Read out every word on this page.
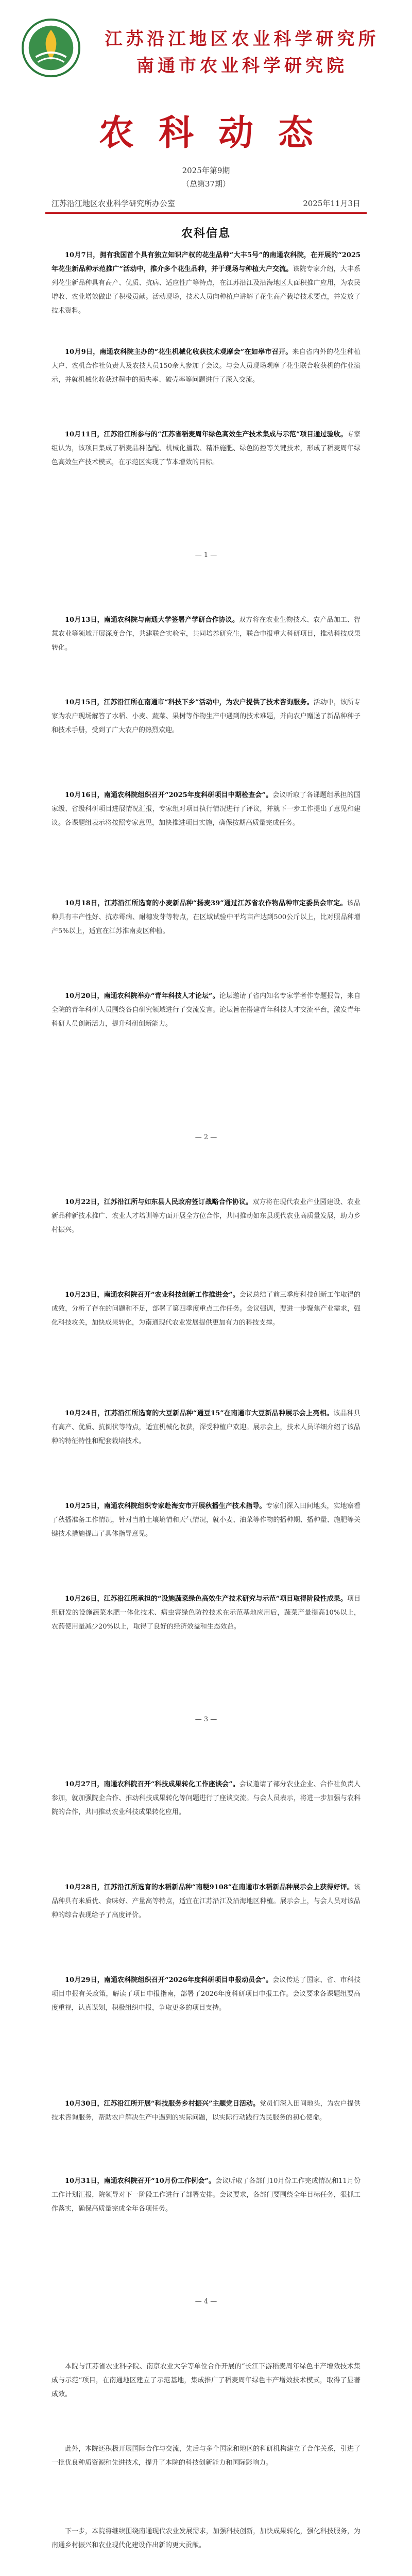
江苏沿江地区农业科学研究所
南通市农业科学研究院
农科动态
2025年第9期
（总第37期）
江苏沿江地区农业科学研究所办公室	2025年11月3日
农科信息

10月7日，拥有我国首个具有独立知识产权的花生品种“大丰5号”的南通农科院，在开展的“2025年花生新品种示范推广”活动中，推介多个花生品种，并于现场与种植大户交流。该院专家介绍，大丰系列花生新品种具有高产、优质、抗病、适应性广等特点，在江苏沿江及沿海地区大面积推广应用，为农民增收、农业增效做出了积极贡献。活动现场，技术人员向种植户讲解了花生高产栽培技术要点，并发放了技术资料。

10月9日，南通农科院主办的“花生机械化收获技术观摩会”在如皋市召开。来自省内外的花生种植大户、农机合作社负责人及农技人员150余人参加了会议。与会人员现场观摩了花生联合收获机的作业演示，并就机械化收获过程中的损失率、破壳率等问题进行了深入交流。

10月11日，江苏沿江所参与的“江苏省稻麦周年绿色高效生产技术集成与示范”项目通过验收。专家组认为，该项目集成了稻麦品种选配、机械化播栽、精准施肥、绿色防控等关键技术，形成了稻麦周年绿色高效生产技术模式，在示范区实现了节本增效的目标。

— 1 —

10月13日，南通农科院与南通大学签署产学研合作协议。双方将在农业生物技术、农产品加工、智慧农业等领域开展深度合作，共建联合实验室，共同培养研究生，联合申报重大科研项目，推动科技成果转化。

10月15日，江苏沿江所在南通市“科技下乡”活动中，为农户提供了技术咨询服务。活动中，该所专家为农户现场解答了水稻、小麦、蔬菜、果树等作物生产中遇到的技术难题，并向农户赠送了新品种种子和技术手册，受到了广大农户的热烈欢迎。

10月16日，南通农科院组织召开“2025年度科研项目中期检查会”。会议听取了各课题组承担的国家级、省级科研项目进展情况汇报，专家组对项目执行情况进行了评议，并就下一步工作提出了意见和建议。各课题组表示将按照专家意见，加快推进项目实施，确保按期高质量完成任务。

10月18日，江苏沿江所选育的小麦新品种“扬麦39”通过江苏省农作物品种审定委员会审定。该品种具有丰产性好、抗赤霉病、耐穗发芽等特点，在区域试验中平均亩产达到500公斤以上，比对照品种增产5%以上，适宜在江苏淮南麦区种植。

10月20日，南通农科院举办“青年科技人才论坛”。论坛邀请了省内知名专家学者作专题报告，来自全院的青年科研人员围绕各自研究领域进行了交流发言。论坛旨在搭建青年科技人才交流平台，激发青年科研人员创新活力，提升科研创新能力。

— 2 —

10月22日，江苏沿江所与如东县人民政府签订战略合作协议。双方将在现代农业产业园建设、农业新品种新技术推广、农业人才培训等方面开展全方位合作，共同推动如东县现代农业高质量发展，助力乡村振兴。

10月23日，南通农科院召开“农业科技创新工作推进会”。会议总结了前三季度科技创新工作取得的成效，分析了存在的问题和不足，部署了第四季度重点工作任务。会议强调，要进一步聚焦产业需求，强化科技攻关，加快成果转化，为南通现代农业发展提供更加有力的科技支撑。

10月24日，江苏沿江所选育的大豆新品种“通豆15”在南通市大豆新品种展示会上亮相。该品种具有高产、优质、抗倒伏等特点，适宜机械化收获，深受种植户欢迎。展示会上，技术人员详细介绍了该品种的特征特性和配套栽培技术。

10月25日，南通农科院组织专家赴海安市开展秋播生产技术指导。专家们深入田间地头，实地察看了秋播准备工作情况，针对当前土壤墒情和天气情况，就小麦、油菜等作物的播种期、播种量、施肥等关键技术措施提出了具体指导意见。

10月26日，江苏沿江所承担的“设施蔬菜绿色高效生产技术研究与示范”项目取得阶段性成果。项目组研发的设施蔬菜水肥一体化技术、病虫害绿色防控技术在示范基地应用后，蔬菜产量提高10%以上，农药使用量减少20%以上，取得了良好的经济效益和生态效益。

— 3 —

10月27日，南通农科院召开“科技成果转化工作座谈会”。会议邀请了部分农业企业、合作社负责人参加，就加强院企合作、推动科技成果转化等问题进行了座谈交流。与会人员表示，将进一步加强与农科院的合作，共同推动农业科技成果转化应用。

10月28日，江苏沿江所选育的水稻新品种“南粳9108”在南通市水稻新品种展示会上获得好评。该品种具有米质优、食味好、产量高等特点，适宜在江苏沿江及沿海地区种植。展示会上，与会人员对该品种的综合表现给予了高度评价。

10月29日，南通农科院组织召开“2026年度科研项目申报动员会”。会议传达了国家、省、市科技项目申报有关政策，解读了项目申报指南，部署了2026年度科研项目申报工作。会议要求各课题组要高度重视，认真谋划，积极组织申报，争取更多的项目支持。

10月30日，江苏沿江所开展“科技服务乡村振兴”主题党日活动。党员们深入田间地头，为农户提供技术咨询服务，帮助农户解决生产中遇到的实际问题，以实际行动践行为民服务的初心使命。

10月31日，南通农科院召开“10月份工作例会”。会议听取了各部门10月份工作完成情况和11月份工作计划汇报，院领导对下一阶段工作进行了部署安排。会议要求，各部门要围绕全年目标任务，狠抓工作落实，确保高质量完成全年各项任务。

— 4 —

本院与江苏省农业科学院、南京农业大学等单位合作开展的“长江下游稻麦周年绿色丰产增效技术集成与示范”项目，在南通地区建立了示范基地，集成推广了稻麦周年绿色丰产增效技术模式，取得了显著成效。

此外，本院还积极开展国际合作与交流，先后与多个国家和地区的科研机构建立了合作关系，引进了一批优良种质资源和先进技术，提升了本院的科技创新能力和国际影响力。

下一步，本院将继续围绕南通现代农业发展需求，加强科技创新，加快成果转化，强化科技服务，为南通乡村振兴和农业现代化建设作出新的更大贡献。
